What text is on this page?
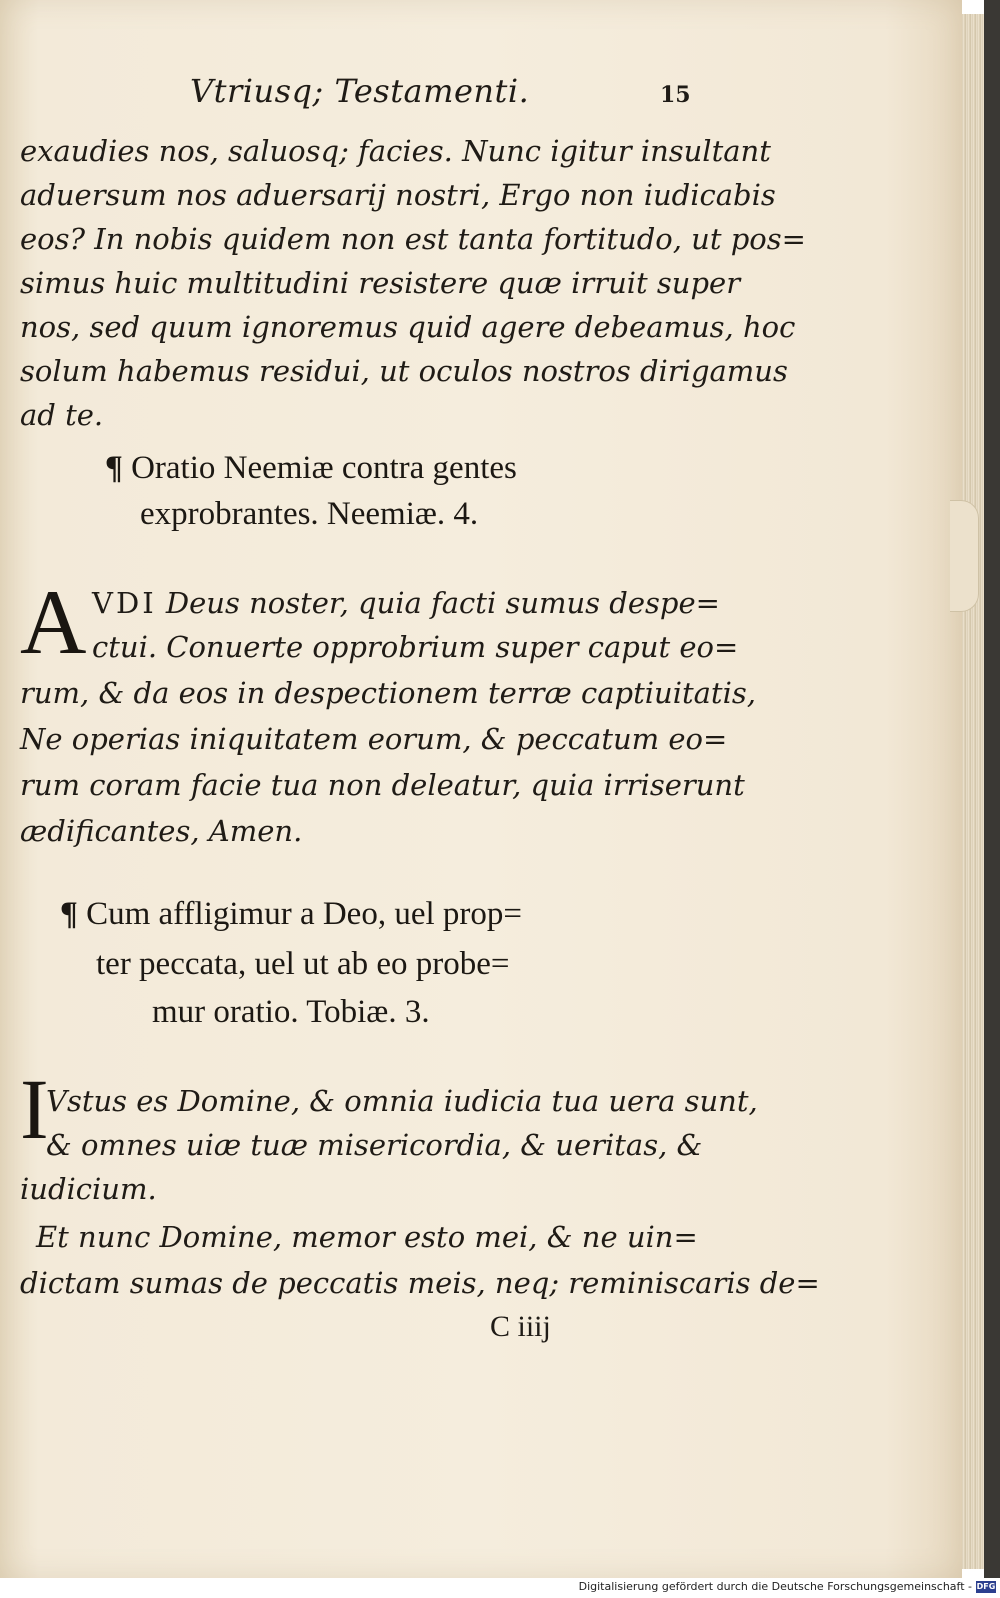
Vtriusq; Testamenti.	15
exaudies nos, saluosq; facies. Nunc igitur insultant
aduersum nos aduersarij nostri, Ergo non iudicabis
eos? In nobis quidem non est tanta fortitudo, ut pos=
simus huic multitudini resistere quæ irruit super
nos, sed quum ignoremus quid agere debeamus, hoc
solum habemus residui, ut oculos nostros dirigamus
ad te.
¶ Oratio Neemiæ contra gentes
exprobrantes. Neemiæ. 4.
A VDI Deus noster, quia facti sumus despe=
ctui. Conuerte opprobrium super caput eo=
rum, & da eos in despectionem terræ captiuitatis,
Ne operias iniquitatem eorum, & peccatum eo=
rum coram facie tua non deleatur, quia irriserunt
ædificantes, Amen.
¶ Cum affligimur a Deo, uel prop=
ter peccata, uel ut ab eo probe=
mur oratio. Tobiæ. 3.
I
Vstus es Domine, & omnia iudicia tua uera sunt,
& omnes uiæ tuæ misericordia, & ueritas, &
iudicium.
Et nunc Domine, memor esto mei, & ne uin=
dictam sumas de peccatis meis, neq; reminiscaris de=
C iiij
Digitalisierung gefördert durch die Deutsche Forschungsgemeinschaft - DFG
